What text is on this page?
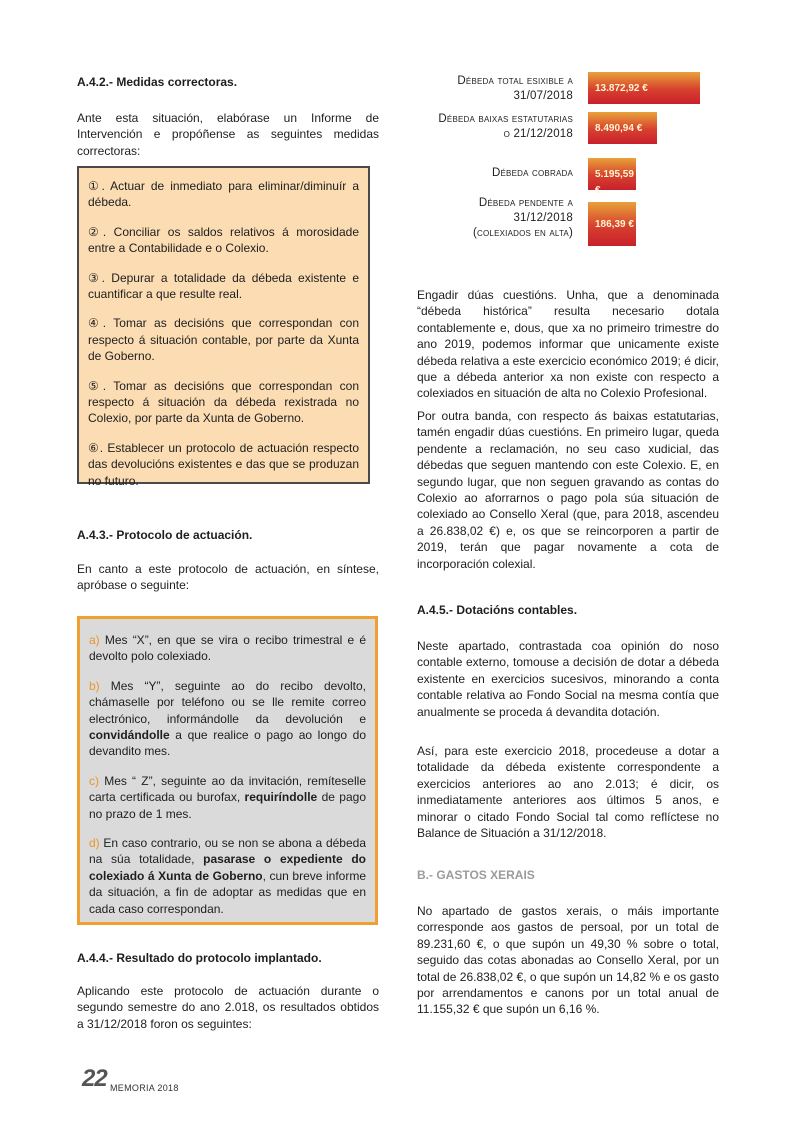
A.4.2.- Medidas correctoras.

Ante esta situación, elabórase un Informe de Intervención e propóñense as seguintes medidas correctoras:

①. Actuar de inmediato para eliminar/diminuír a débeda.

②. Conciliar os saldos relativos á morosidade entre a Contabilidade e o Colexio.

③. Depurar a totalidade da débeda existente e cuantificar a que resulte real.

④. Tomar as decisións que correspondan con respecto á situación contable, por parte da Xunta de Goberno.

⑤. Tomar as decisións que correspondan con respecto á situación da débeda rexistrada no Colexio, por parte da Xunta de Goberno.

⑥. Establecer un protocolo de actuación respecto das devolucións existentes e das que se produzan no futuro.

A.4.3.- Protocolo de actuación.

En canto a este protocolo de actuación, en síntese, apróbase o seguinte:

a) Mes “X”, en que se vira o recibo trimestral e é devolto polo colexiado.

b) Mes “Y”, seguinte ao do recibo devolto, chámaselle por teléfono ou se lle remite correo electrónico, informándolle da devolución e convidándolle a que realice o pago ao longo do devandito mes.

c) Mes “ Z”, seguinte ao da invitación, remíteselle carta certificada ou burofax, requiríndolle de pago no prazo de 1 mes.

d) En caso contrario, ou se non se abona a débeda na súa totalidade, pasarase o expediente do colexiado á Xunta de Goberno, cun breve informe da situación, a fin de adoptar as medidas que en cada caso correspondan.

A.4.4.- Resultado do protocolo implantado.

Aplicando este protocolo de actuación durante o segundo semestre do ano 2.018, os resultados obtidos a 31/12/2018 foron os seguintes:

13.872,92 €
Débeda total esixible a
31/07/2018
8.490,94 €
Débeda baixas estatutarias
o 21/12/2018
5.195,59 €
Débeda cobrada
186,39 €
Débeda pendente a
31/12/2018
(colexiados en alta)

Engadir dúas cuestións. Unha, que a denominada “débeda histórica” resulta necesario dotala contablemente e, dous, que xa no primeiro trimestre do ano 2019, podemos informar que unicamente existe débeda relativa a este exercicio económico 2019; é dicir, que a débeda anterior xa non existe con respecto a colexiados en situación de alta no Colexio Profesional.

Por outra banda, con respecto ás baixas estatutarias, tamén engadir dúas cuestións. En primeiro lugar, queda pendente a reclamación, no seu caso xudicial, das débedas que seguen mantendo con este Colexio. E, en segundo lugar, que non seguen gravando as contas do Colexio ao aforrarnos o pago pola súa situación de colexiado ao Consello Xeral (que, para 2018, ascendeu a 26.838,02 €) e, os que se reincorporen a partir de 2019, terán que pagar novamente a cota de incorporación colexial.

A.4.5.- Dotacións contables.

Neste apartado, contrastada coa opinión do noso contable externo, tomouse a decisión de dotar a débeda existente en exercicios sucesivos, minorando a conta contable relativa ao Fondo Social na mesma contía que anualmente se proceda á devandita dotación.

Así, para este exercicio 2018, procedeuse a dotar a totalidade da débeda existente correspondente a exercicios anteriores ao ano 2.013; é dicir, os inmediatamente anteriores aos últimos 5 anos, e minorar o citado Fondo Social tal como reflíctese no Balance de Situación a 31/12/2018.

B.- GASTOS XERAIS

No apartado de gastos xerais, o máis importante corresponde aos gastos de persoal, por un total de 89.231,60 €, o que supón un 49,30 % sobre o total, seguido das cotas abonadas ao Consello Xeral, por un total de 26.838,02 €, o que supón un 14,82 % e os gasto por arrendamentos e canons por un total anual de 11.155,32 € que supón un 6,16 %.

22 MEMORIA 2018
